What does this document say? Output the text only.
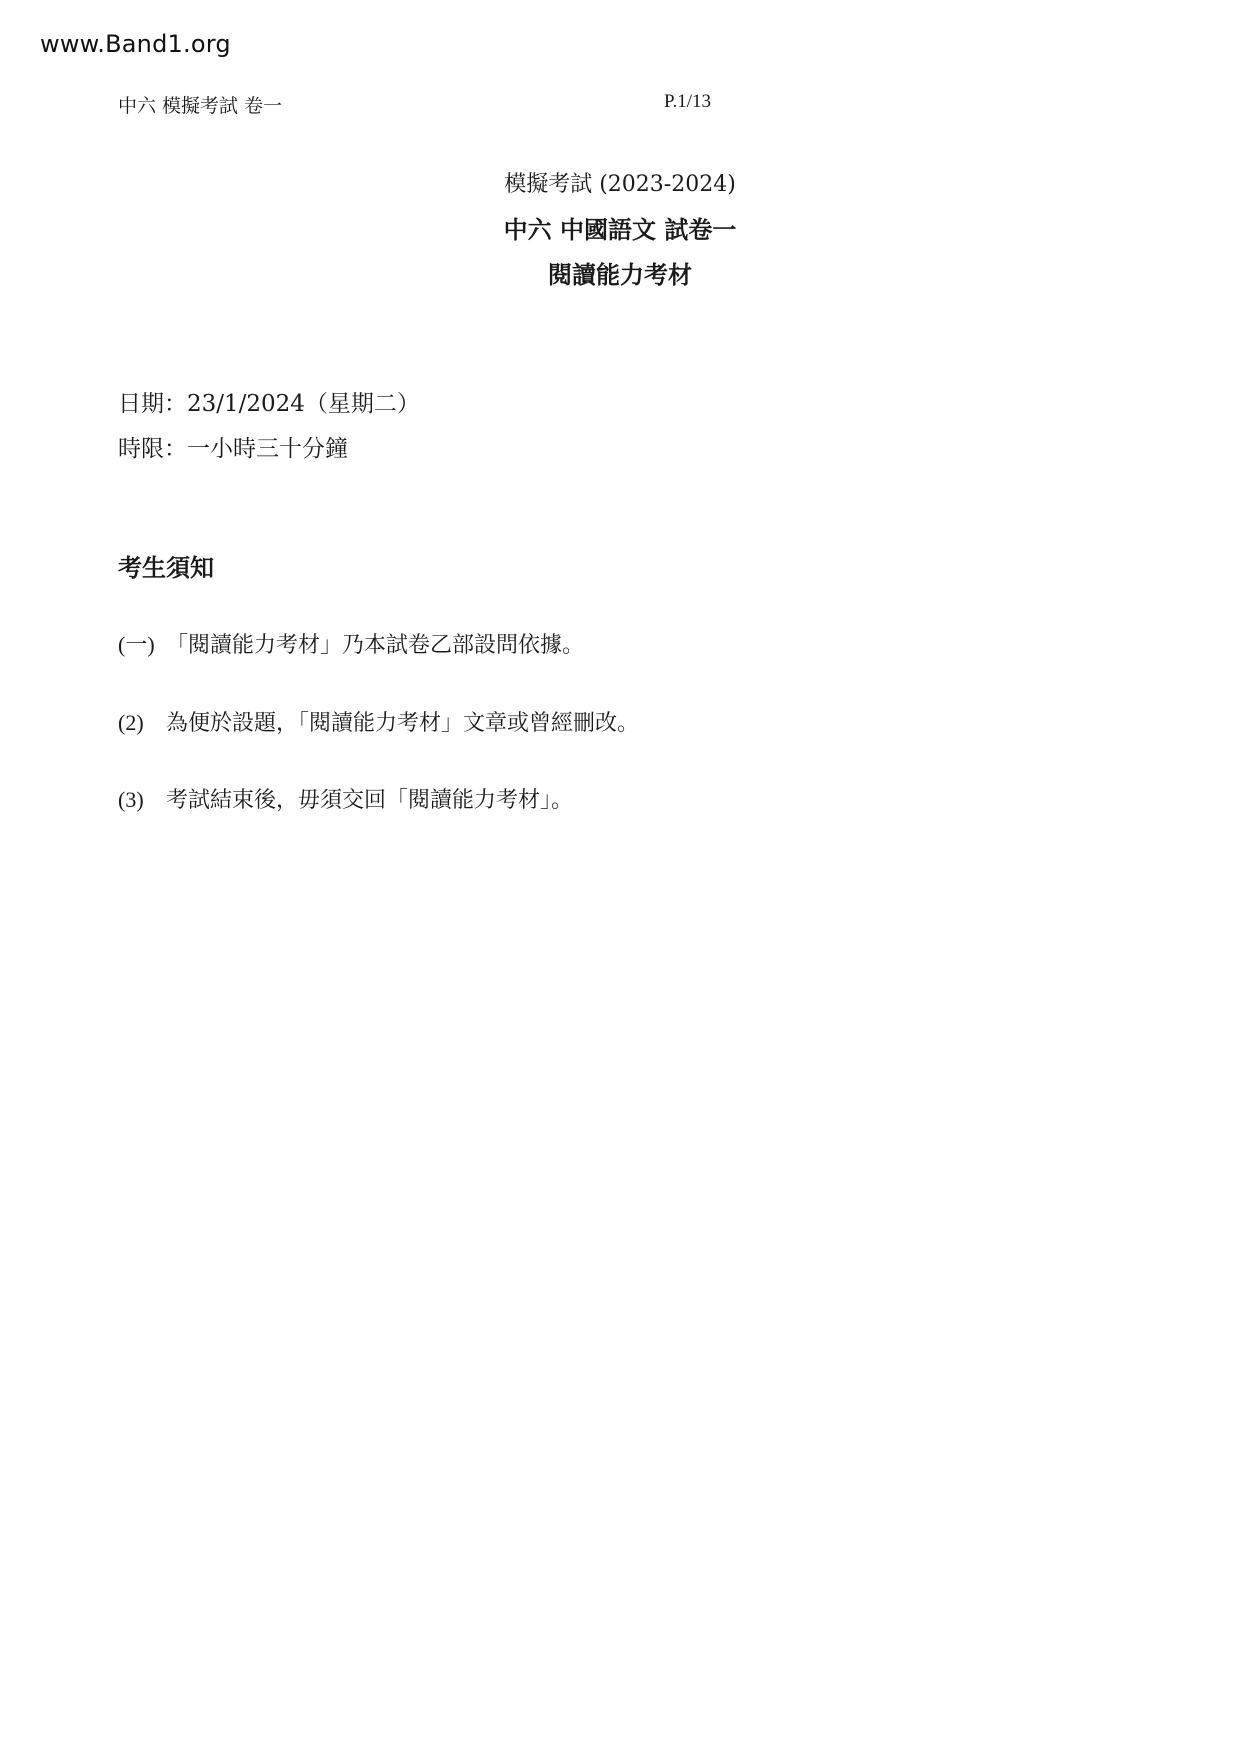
www.Band1.org
中六 模擬考試 卷一	P.1/13
模擬考試 (2023-2024)
中六 中國語文 試卷一
閱讀能力考材
日期：23/1/2024（星期二）
時限：一小時三十分鐘
考生須知
(一) 「閱讀能力考材」乃本試卷乙部設問依據。
(2) 為便於設題，「閱讀能力考材」文章或曾經刪改。
(3) 考試結束後，毋須交回「閱讀能力考材」。
